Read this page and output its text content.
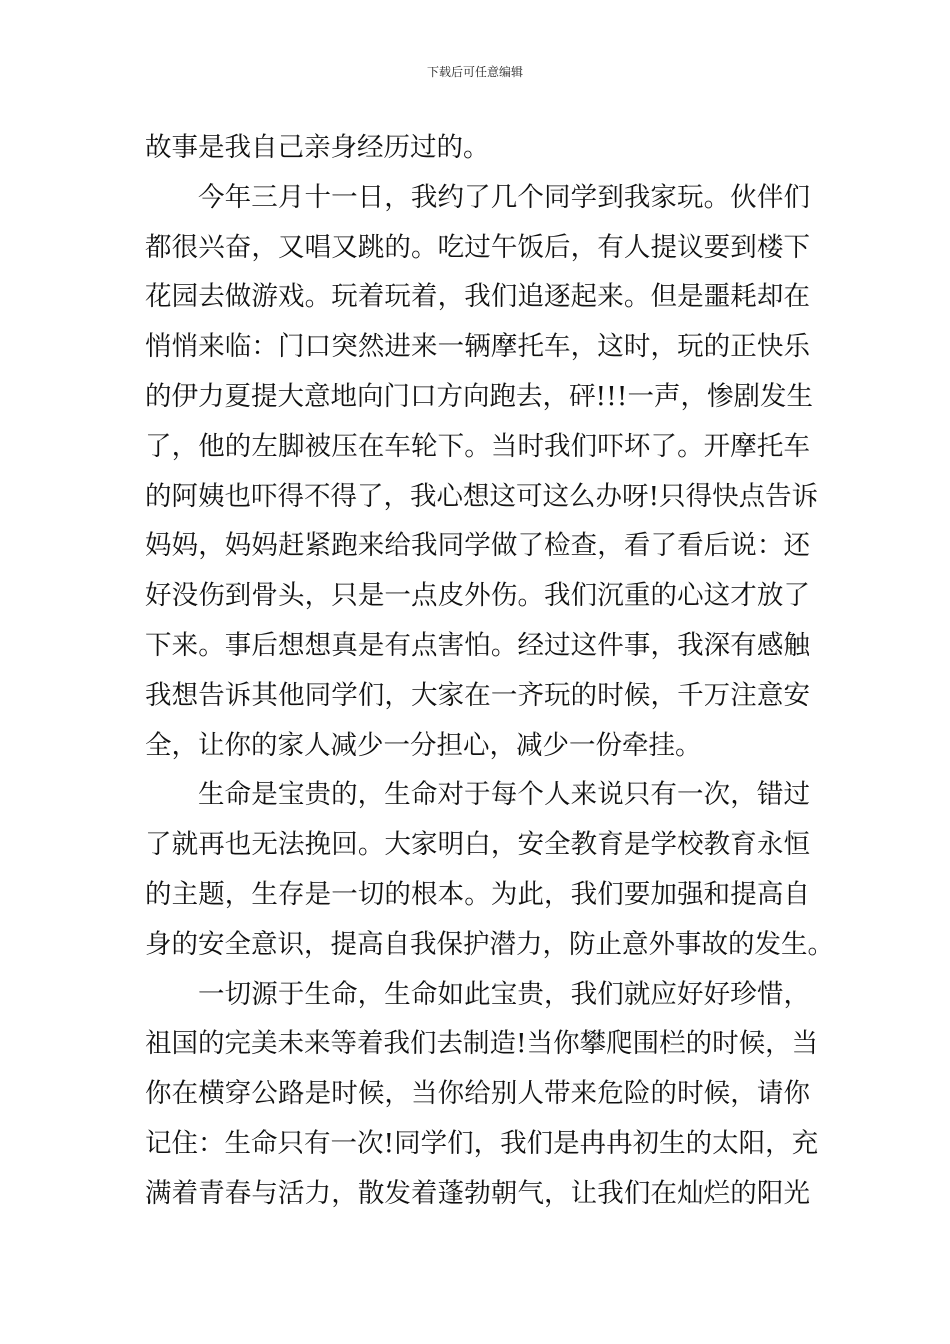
下载后可任意编辑
故事是我自己亲身经历过的。
今年三月十一日，我约了几个同学到我家玩。伙伴们
都很兴奋，又唱又跳的。吃过午饭后，有人提议要到楼下
花园去做游戏。玩着玩着，我们追逐起来。但是噩耗却在
悄悄来临：门口突然进来一辆摩托车，这时，玩的正快乐
的伊力夏提大意地向门口方向跑去，砰!!!一声，惨剧发生
了，他的左脚被压在车轮下。当时我们吓坏了。开摩托车
的阿姨也吓得不得了，我心想这可这么办呀!只得快点告诉
妈妈，妈妈赶紧跑来给我同学做了检查，看了看后说：还
好没伤到骨头，只是一点皮外伤。我们沉重的心这才放了
下来。事后想想真是有点害怕。经过这件事，我深有感触
我想告诉其他同学们，大家在一齐玩的时候，千万注意安
全，让你的家人减少一分担心，减少一份牵挂。
生命是宝贵的，生命对于每个人来说只有一次，错过
了就再也无法挽回。大家明白，安全教育是学校教育永恒
的主题，生存是一切的根本。为此，我们要加强和提高自
身的安全意识，提高自我保护潜力，防止意外事故的发生。
一切源于生命，生命如此宝贵，我们就应好好珍惜，
祖国的完美未来等着我们去制造!当你攀爬围栏的时候，当
你在横穿公路是时候，当你给别人带来危险的时候，请你
记住：生命只有一次!同学们，我们是冉冉初生的太阳，充
满着青春与活力，散发着蓬勃朝气，让我们在灿烂的阳光
